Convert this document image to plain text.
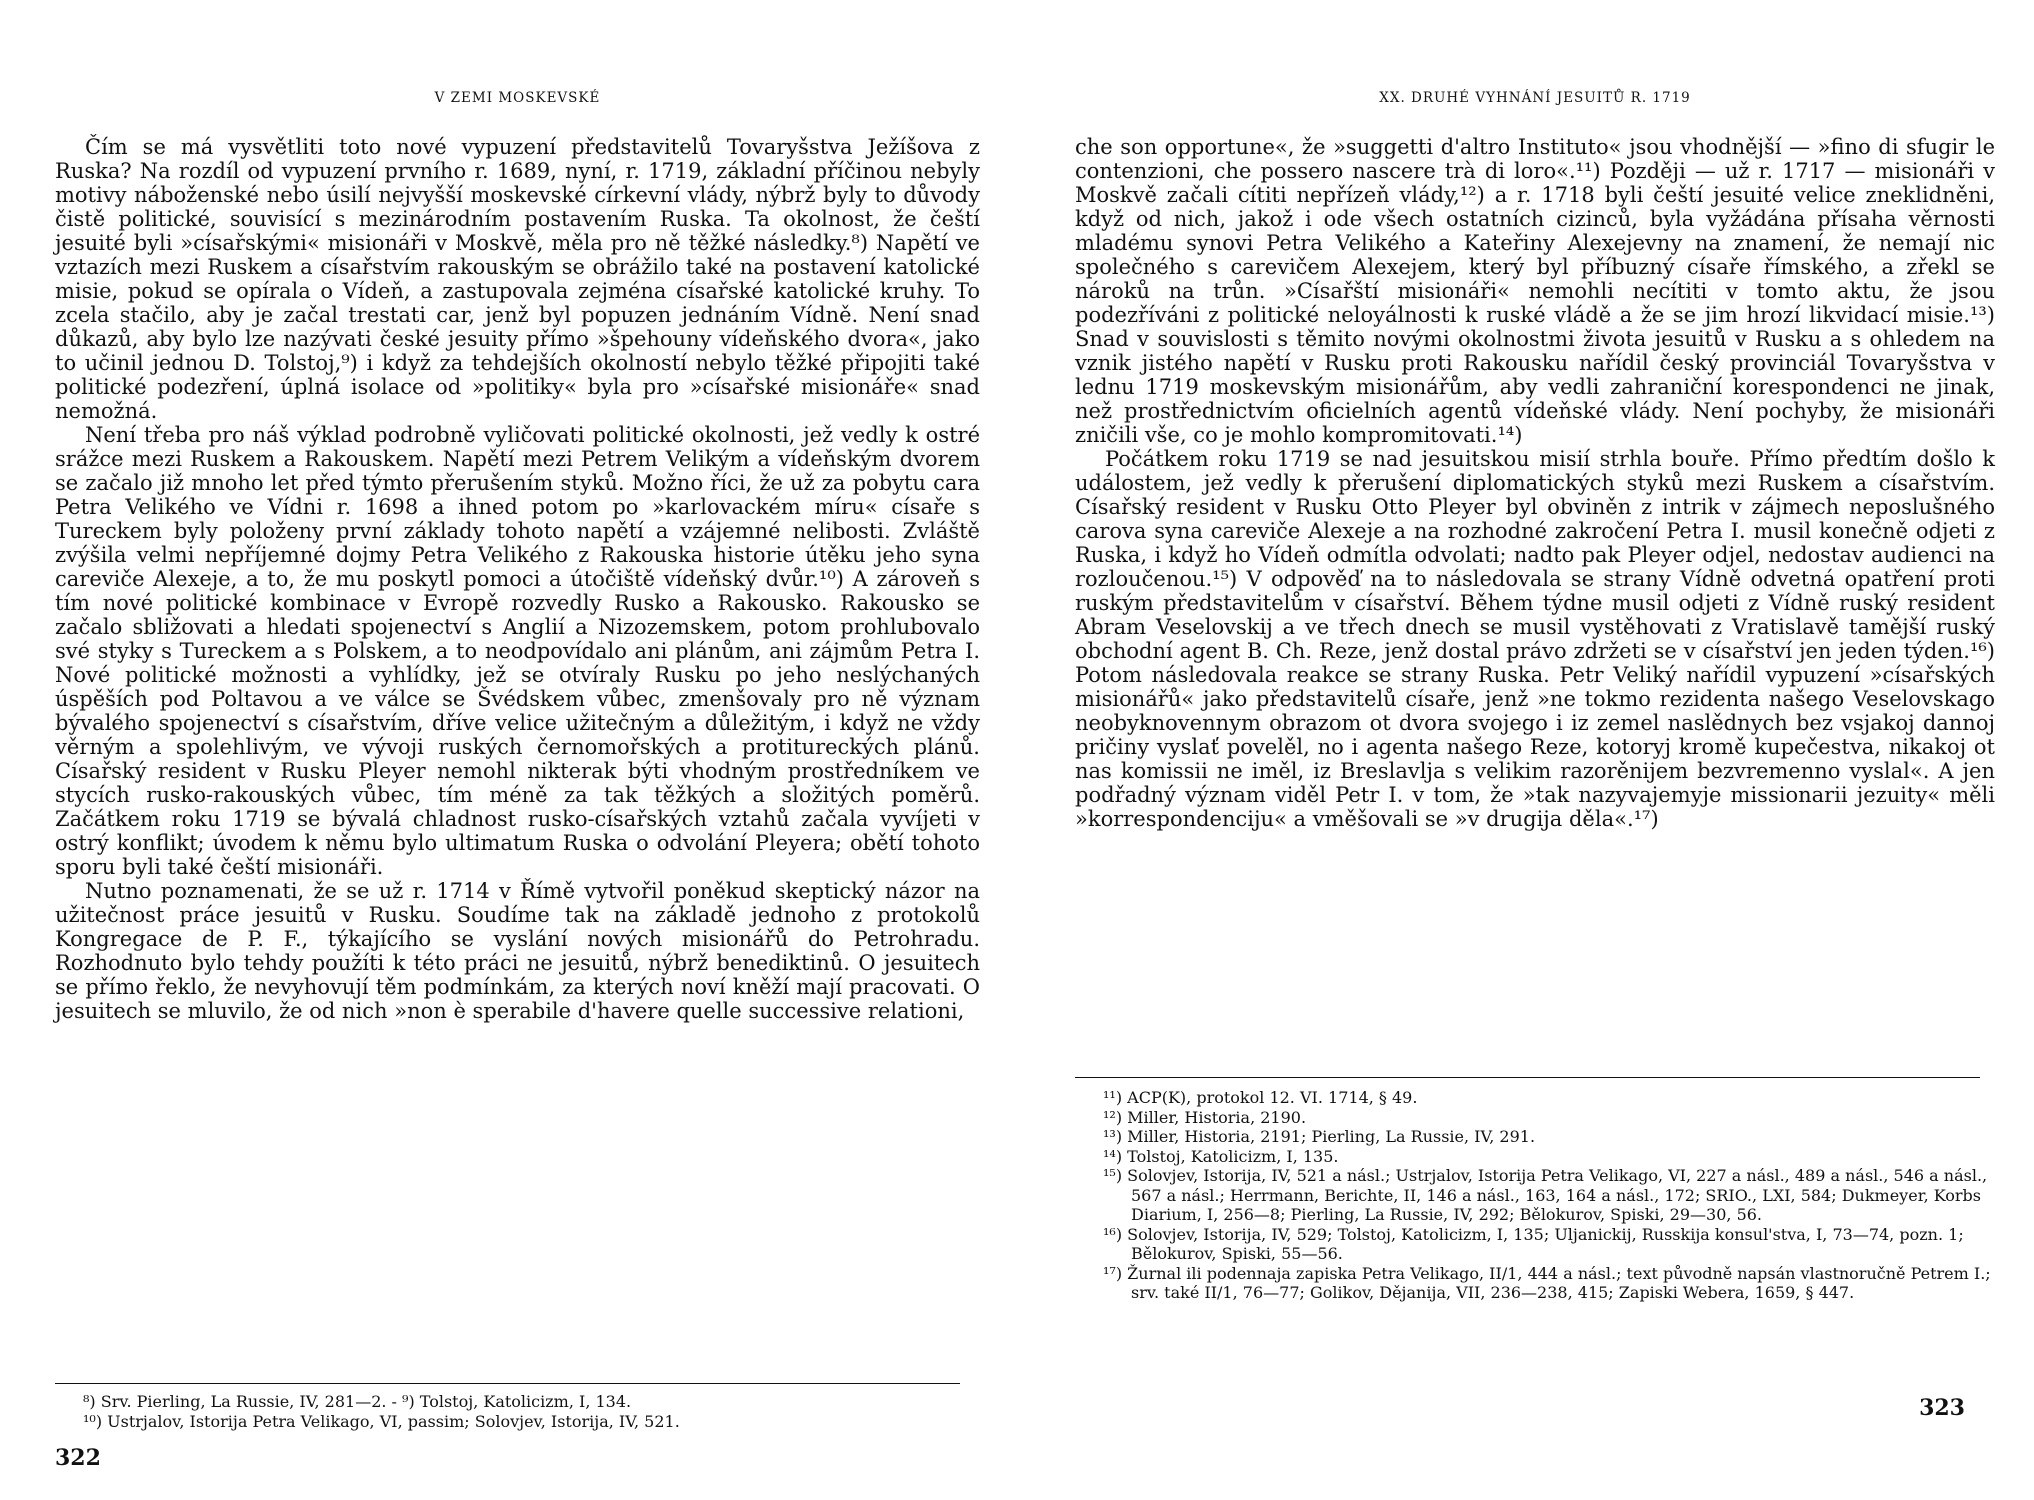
V ZEMI MOSKEVSKÉ

Čím se má vysvětliti toto nové vypuzení představitelů Tovaryšstva Ježíšova z Ruska? Na rozdíl od vypuzení prvního r. 1689, nyní, r. 1719, základní příčinou nebyly motivy náboženské nebo úsilí nejvyšší moskevské církevní vlády, nýbrž byly to důvody čistě politické, souvisící s mezinárodním postavením Ruska. Ta okolnost, že čeští jesuité byli »císařskými« misionáři v Moskvě, měla pro ně těžké následky.⁸) Napětí ve vztazích mezi Ruskem a císařstvím rakouským se obrážilo také na postavení katolické misie, pokud se opírala o Vídeň, a zastupovala zejména císařské katolické kruhy. To zcela stačilo, aby je začal trestati car, jenž byl popuzen jednáním Vídně. Není snad důkazů, aby bylo lze nazývati české jesuity přímo »špehouny vídeňského dvora«, jako to učinil jednou D. Tolstoj,⁹) i když za tehdejších okolností nebylo těžké připojiti také politické podezření, úplná isolace od »politiky« byla pro »císařské misionáře« snad nemožná.

Není třeba pro náš výklad podrobně vyličovati politické okolnosti, jež vedly k ostré srážce mezi Ruskem a Rakouskem. Napětí mezi Petrem Velikým a vídeňským dvorem se začalo již mnoho let před týmto přerušením styků. Možno říci, že už za pobytu cara Petra Velikého ve Vídni r. 1698 a ihned potom po »karlovackém míru« císaře s Tureckem byly položeny první základy tohoto napětí a vzájemné nelibosti. Zvláště zvýšila velmi nepříjemné dojmy Petra Velikého z Rakouska historie útěku jeho syna careviče Alexeje, a to, že mu poskytl pomoci a útočiště vídeňský dvůr.¹⁰) A zároveň s tím nové politické kombinace v Evropě rozvedly Rusko a Rakousko. Rakousko se začalo sbližovati a hledati spojenectví s Anglií a Nizozemskem, potom prohlubovalo své styky s Tureckem a s Polskem, a to neodpovídalo ani plánům, ani zájmům Petra I. Nové politické možnosti a vyhlídky, jež se otvíraly Rusku po jeho neslýchaných úspěších pod Poltavou a ve válce se Švédskem vůbec, zmenšovaly pro ně význam bývalého spojenectví s císařstvím, dříve velice užitečným a důležitým, i když ne vždy věrným a spolehlivým, ve vývoji ruských černomořských a protitureckých plánů. Císařský resident v Rusku Pleyer nemohl nikterak býti vhodným prostředníkem ve stycích rusko-rakouských vůbec, tím méně za tak těžkých a složitých poměrů. Začátkem roku 1719 se bývalá chladnost rusko-císařských vztahů začala vyvíjeti v ostrý konflikt; úvodem k němu bylo ultimatum Ruska o odvolání Pleyera; obětí tohoto sporu byli také čeští misionáři.

Nutno poznamenati, že se už r. 1714 v Římě vytvořil poněkud skeptický názor na užitečnost práce jesuitů v Rusku. Soudíme tak na základě jednoho z protokolů Kongregace de P. F., týkajícího se vyslání nových misionářů do Petrohradu. Rozhodnuto bylo tehdy použíti k této práci ne jesuitů, nýbrž benediktinů. O jesuitech se přímo řeklo, že nevyhovují těm podmínkám, za kterých noví kněží mají pracovati. O jesuitech se mluvilo, že od nich »non è sperabile d'havere quelle successive relationi,

⁸) Srv. Pierling, La Russie, IV, 281—2. - ⁹) Tolstoj, Katolicizm, I, 134.

¹⁰) Ustrjalov, Istorija Petra Velikago, VI, passim; Solovjev, Istorija, IV, 521.

322
XX. DRUHÉ VYHNÁNÍ JESUITŮ R. 1719

che son opportune«, že »suggetti d'altro Instituto« jsou vhodnější — »fino di sfugir le contenzioni, che possero nascere trà di loro«.¹¹) Později — už r. 1717 — misionáři v Moskvě začali cítiti nepřízeň vlády,¹²) a r. 1718 byli čeští jesuité velice zneklidněni, když od nich, jakož i ode všech ostatních cizinců, byla vyžádána přísaha věrnosti mladému synovi Petra Velikého a Kateřiny Alexejevny na znamení, že nemají nic společného s carevičem Alexejem, který byl příbuzný císaře římského, a zřekl se nároků na trůn. »Císařští misionáři« nemohli necítiti v tomto aktu, že jsou podezříváni z politické neloyálnosti k ruské vládě a že se jim hrozí likvidací misie.¹³) Snad v souvislosti s těmito novými okolnostmi života jesuitů v Rusku a s ohledem na vznik jistého napětí v Rusku proti Rakousku nařídil český provinciál Tovaryšstva v lednu 1719 moskevským misionářům, aby vedli zahraniční korespondenci ne jinak, než prostřednictvím oficielních agentů vídeňské vlády. Není pochyby, že misionáři zničili vše, co je mohlo kompromitovati.¹⁴)

Počátkem roku 1719 se nad jesuitskou misií strhla bouře. Přímo předtím došlo k událostem, jež vedly k přerušení diplomatických styků mezi Ruskem a císařstvím. Císařský resident v Rusku Otto Pleyer byl obviněn z intrik v zájmech neposlušného carova syna careviče Alexeje a na rozhodné zakročení Petra I. musil konečně odjeti z Ruska, i když ho Vídeň odmítla odvolati; nadto pak Pleyer odjel, nedostav audienci na rozloučenou.¹⁵) V odpověď na to následovala se strany Vídně odvetná opatření proti ruským představitelům v císařství. Během týdne musil odjeti z Vídně ruský resident Abram Veselovskij a ve třech dnech se musil vystěhovati z Vratislavě tamější ruský obchodní agent B. Ch. Reze, jenž dostal právo zdržeti se v císařství jen jeden týden.¹⁶) Potom následovala reakce se strany Ruska. Petr Veliký nařídil vypuzení »císařských misionářů« jako představitelů císaře, jenž »ne tokmo rezidenta našego Veselovskago neobyknovennym obrazom ot dvora svojego i iz zemel naslědnych bez vsjakoj dannoj pričiny vyslať povelěl, no i agenta našego Reze, kotoryj kromě kupečestva, nikakoj ot nas komissii ne iměl, iz Breslavlja s velikim razorěnijem bezvremenno vyslal«. A jen podřadný význam viděl Petr I. v tom, že »tak nazyvajemyje missionarii jezuity« měli »korrespondenciju« a vměšovali se »v drugija děla«.¹⁷)

¹¹) ACP(K), protokol 12. VI. 1714, § 49.

¹²) Miller, Historia, 2190.

¹³) Miller, Historia, 2191; Pierling, La Russie, IV, 291.

¹⁴) Tolstoj, Katolicizm, I, 135.

¹⁵) Solovjev, Istorija, IV, 521 a násl.; Ustrjalov, Istorija Petra Velikago, VI, 227 a násl., 489 a násl., 546 a násl., 567 a násl.; Herrmann, Berichte, II, 146 a násl., 163, 164 a násl., 172; SRIO., LXI, 584; Dukmeyer, Korbs Diarium, I, 256—8; Pierling, La Russie, IV, 292; Bělokurov, Spiski, 29—30, 56.

¹⁶) Solovjev, Istorija, IV, 529; Tolstoj, Katolicizm, I, 135; Uljanickij, Russkija konsul'stva, I, 73—74, pozn. 1; Bělokurov, Spiski, 55—56.

¹⁷) Žurnal ili podennaja zapiska Petra Velikago, II/1, 444 a násl.; text původně napsán vlastnoručně Petrem I.; srv. také II/1, 76—77; Golikov, Dějanija, VII, 236—238, 415; Zapiski Webera, 1659, § 447.

323
